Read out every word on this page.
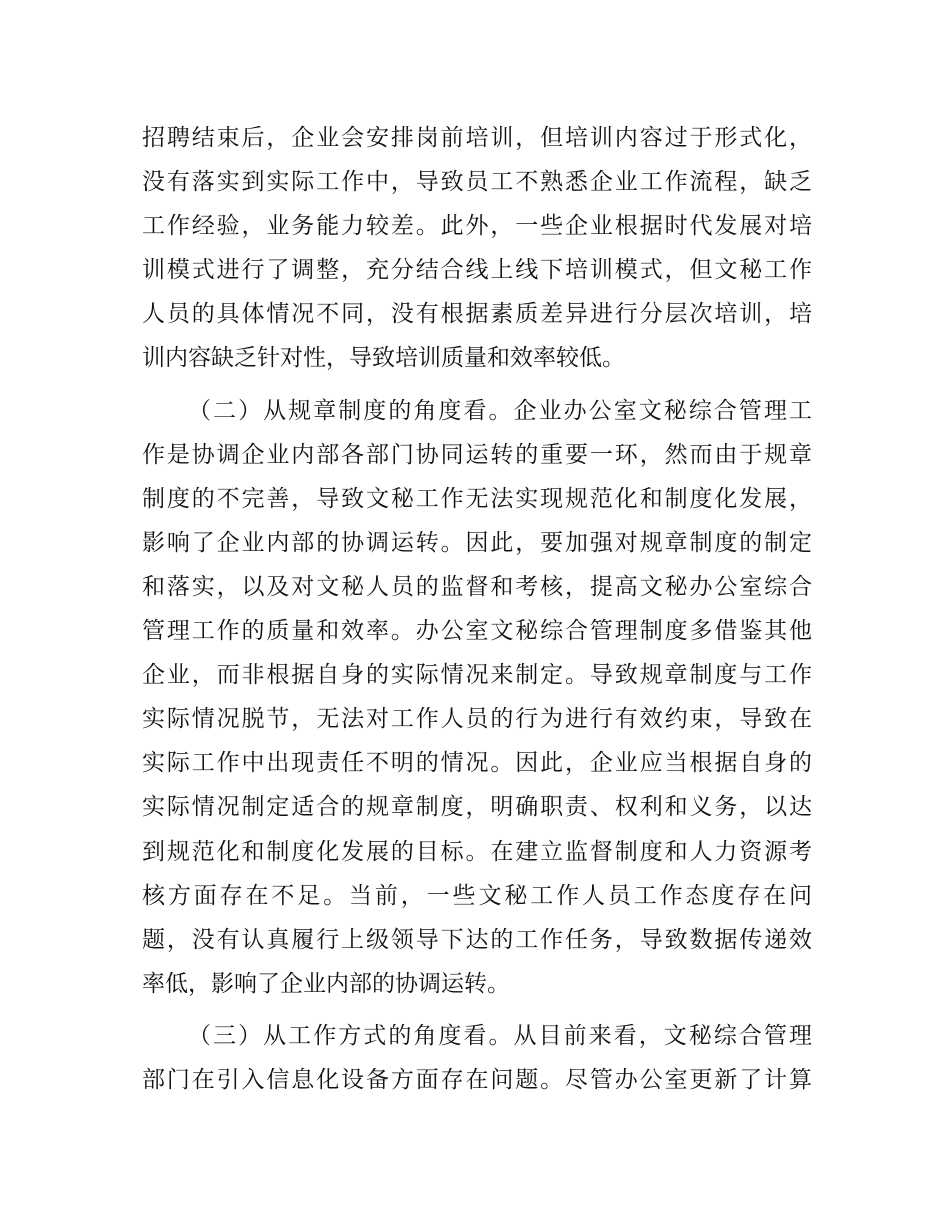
招聘结束后，企业会安排岗前培训，但培训内容过于形式化，
没有落实到实际工作中，导致员工不熟悉企业工作流程，缺乏
工作经验，业务能力较差。此外，一些企业根据时代发展对培
训模式进行了调整，充分结合线上线下培训模式，但文秘工作
人员的具体情况不同，没有根据素质差异进行分层次培训，培
训内容缺乏针对性，导致培训质量和效率较低。
（二）从规章制度的角度看。企业办公室文秘综合管理工
作是协调企业内部各部门协同运转的重要一环，然而由于规章
制度的不完善，导致文秘工作无法实现规范化和制度化发展，
影响了企业内部的协调运转。因此，要加强对规章制度的制定
和落实，以及对文秘人员的监督和考核，提高文秘办公室综合
管理工作的质量和效率。办公室文秘综合管理制度多借鉴其他
企业，而非根据自身的实际情况来制定。导致规章制度与工作
实际情况脱节，无法对工作人员的行为进行有效约束，导致在
实际工作中出现责任不明的情况。因此，企业应当根据自身的
实际情况制定适合的规章制度，明确职责、权利和义务，以达
到规范化和制度化发展的目标。在建立监督制度和人力资源考
核方面存在不足。当前，一些文秘工作人员工作态度存在问
题，没有认真履行上级领导下达的工作任务，导致数据传递效
率低，影响了企业内部的协调运转。
（三）从工作方式的角度看。从目前来看，文秘综合管理
部门在引入信息化设备方面存在问题。尽管办公室更新了计算
